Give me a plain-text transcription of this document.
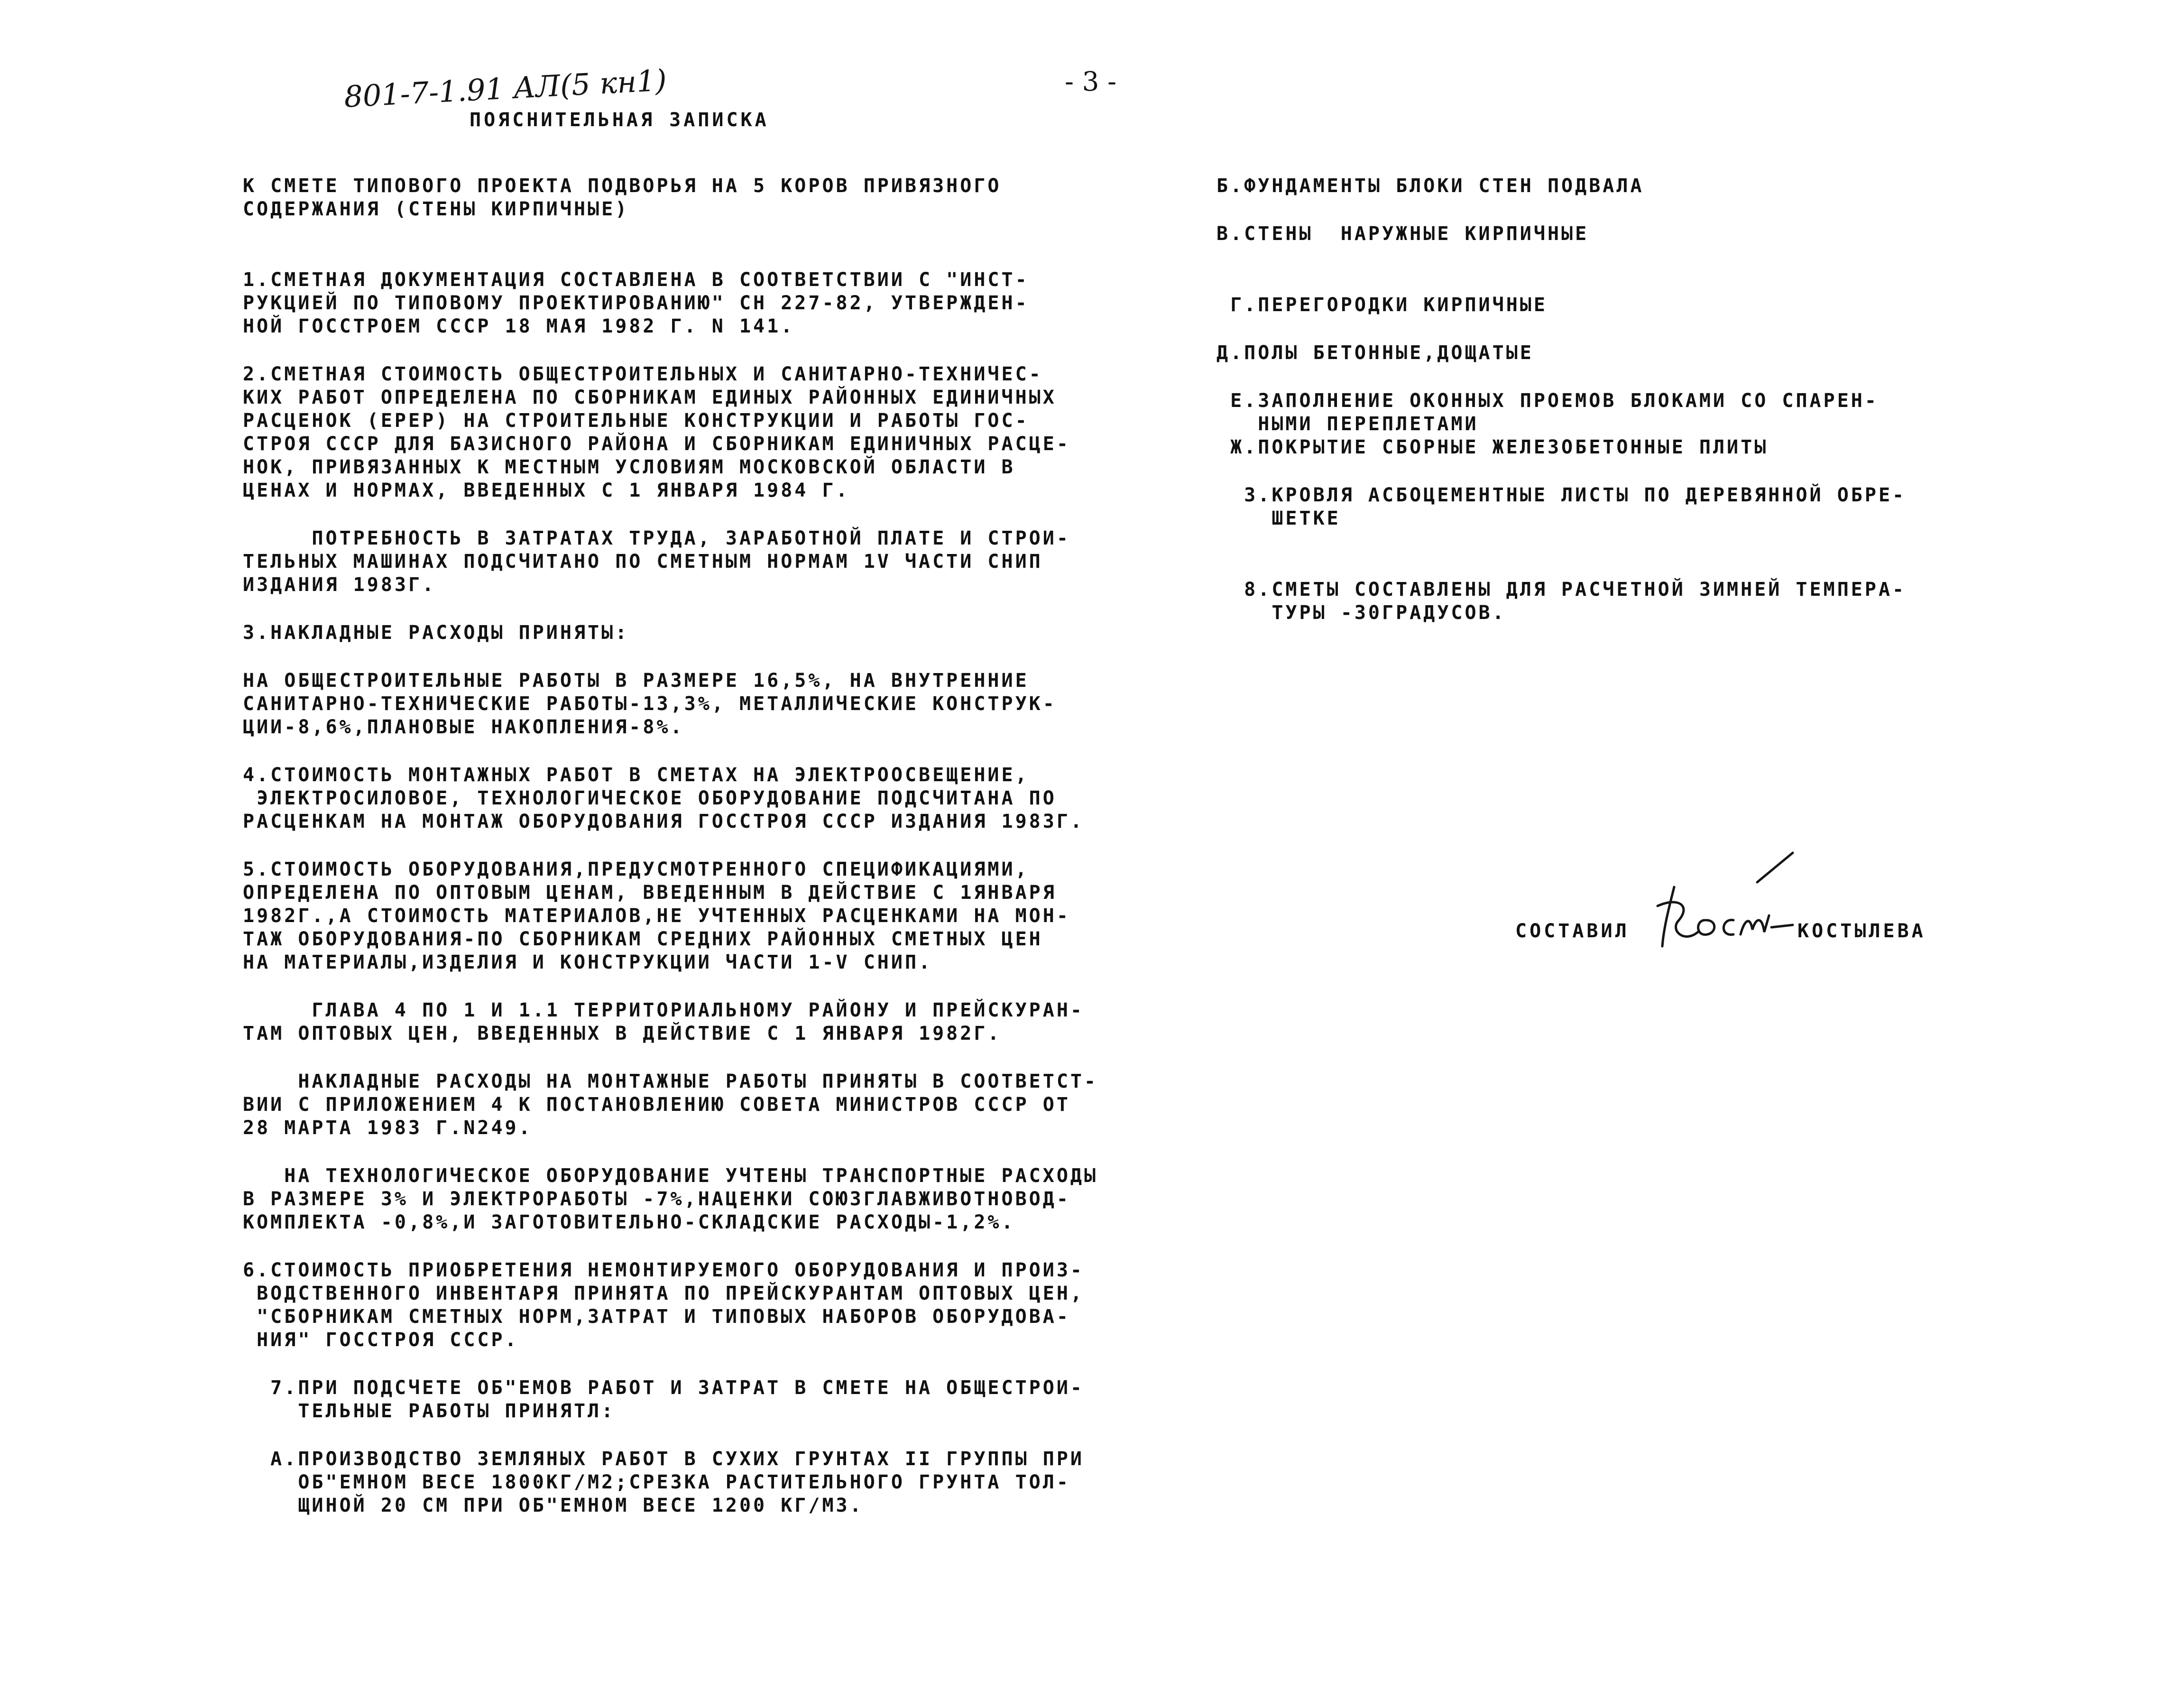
801-7-1.91 АЛ(5 кн1)	- 3 -
ПОЯСНИТЕЛЬНАЯ ЗАПИСКА
К СМЕТЕ ТИПОВОГО ПРОЕКТА ПОДВОРЬЯ НА 5 КОРОВ ПРИВЯЗНОГО
СОДЕРЖАНИЯ (СТЕНЫ КИРПИЧНЫЕ)
1.СМЕТНАЯ ДОКУМЕНТАЦИЯ СОСТАВЛЕНА В СООТВЕТСТВИИ С "ИНСТ-
РУКЦИЕЙ ПО ТИПОВОМУ ПРОЕКТИРОВАНИЮ" СН 227-82, УТВЕРЖДЕН-
НОЙ ГОССТРОЕМ СССР 18 МАЯ 1982 Г. N 141.
2.СМЕТНАЯ СТОИМОСТЬ ОБЩЕСТРОИТЕЛЬНЫХ И САНИТАРНО-ТЕХНИЧЕС-
КИХ РАБОТ ОПРЕДЕЛЕНА ПО СБОРНИКАМ ЕДИНЫХ РАЙОННЫХ ЕДИНИЧНЫХ
РАСЦЕНОК (ЕРЕР) НА СТРОИТЕЛЬНЫЕ КОНСТРУКЦИИ И РАБОТЫ ГОС-
СТРОЯ СССР ДЛЯ БАЗИСНОГО РАЙОНА И СБОРНИКАМ ЕДИНИЧНЫХ РАСЦЕ-
НОК, ПРИВЯЗАННЫХ К МЕСТНЫМ УСЛОВИЯМ МОСКОВСКОЙ ОБЛАСТИ В
ЦЕНАХ И НОРМАХ, ВВЕДЕННЫХ С 1 ЯНВАРЯ 1984 Г.
ПОТРЕБНОСТЬ В ЗАТРАТАХ ТРУДА, ЗАРАБОТНОЙ ПЛАТЕ И СТРОИ-
ТЕЛЬНЫХ МАШИНАХ ПОДСЧИТАНО ПО СМЕТНЫМ НОРМАМ 1V ЧАСТИ СНИП
ИЗДАНИЯ 1983Г.
3.НАКЛАДНЫЕ РАСХОДЫ ПРИНЯТЫ:
НА ОБЩЕСТРОИТЕЛЬНЫЕ РАБОТЫ В РАЗМЕРЕ 16,5%, НА ВНУТРЕННИЕ
САНИТАРНО-ТЕХНИЧЕСКИЕ РАБОТЫ-13,3%, МЕТАЛЛИЧЕСКИЕ КОНСТРУК-
ЦИИ-8,6%,ПЛАНОВЫЕ НАКОПЛЕНИЯ-8%.
4.СТОИМОСТЬ МОНТАЖНЫХ РАБОТ В СМЕТАХ НА ЭЛЕКТРООСВЕЩЕНИЕ,
ЭЛЕКТРОСИЛОВОЕ, ТЕХНОЛОГИЧЕСКОЕ ОБОРУДОВАНИЕ ПОДСЧИТАНА ПО
РАСЦЕНКАМ НА МОНТАЖ ОБОРУДОВАНИЯ ГОССТРОЯ СССР ИЗДАНИЯ 1983Г.
5.СТОИМОСТЬ ОБОРУДОВАНИЯ,ПРЕДУСМОТРЕННОГО СПЕЦИФИКАЦИЯМИ,
ОПРЕДЕЛЕНА ПО ОПТОВЫМ ЦЕНАМ, ВВЕДЕННЫМ В ДЕЙСТВИЕ С 1ЯНВАРЯ
1982Г.,А СТОИМОСТЬ МАТЕРИАЛОВ,НЕ УЧТЕННЫХ РАСЦЕНКАМИ НА МОН-
ТАЖ ОБОРУДОВАНИЯ-ПО СБОРНИКАМ СРЕДНИХ РАЙОННЫХ СМЕТНЫХ ЦЕН
НА МАТЕРИАЛЫ,ИЗДЕЛИЯ И КОНСТРУКЦИИ ЧАСТИ 1-V СНИП.
ГЛАВА 4 ПО 1 И 1.1 ТЕРРИТОРИАЛЬНОМУ РАЙОНУ И ПРЕЙСКУРАН-
ТАМ ОПТОВЫХ ЦЕН, ВВЕДЕННЫХ В ДЕЙСТВИЕ С 1 ЯНВАРЯ 1982Г.
НАКЛАДНЫЕ РАСХОДЫ НА МОНТАЖНЫЕ РАБОТЫ ПРИНЯТЫ В СООТВЕТСТ-
ВИИ С ПРИЛОЖЕНИЕМ 4 К ПОСТАНОВЛЕНИЮ СОВЕТА МИНИСТРОВ СССР ОТ
28 МАРТА 1983 Г.N249.
НА ТЕХНОЛОГИЧЕСКОЕ ОБОРУДОВАНИЕ УЧТЕНЫ ТРАНСПОРТНЫЕ РАСХОДЫ
В РАЗМЕРЕ 3% И ЭЛЕКТРОРАБОТЫ -7%,НАЦЕНКИ СОЮЗГЛАВЖИВОТНОВОД-
КОМПЛЕКТА -0,8%,И ЗАГОТОВИТЕЛЬНО-СКЛАДСКИЕ РАСХОДЫ-1,2%.
6.СТОИМОСТЬ ПРИОБРЕТЕНИЯ НЕМОНТИРУЕМОГО ОБОРУДОВАНИЯ И ПРОИЗ-
ВОДСТВЕННОГО ИНВЕНТАРЯ ПРИНЯТА ПО ПРЕЙСКУРАНТАМ ОПТОВЫХ ЦЕН,
"СБОРНИКАМ СМЕТНЫХ НОРМ,ЗАТРАТ И ТИПОВЫХ НАБОРОВ ОБОРУДОВА-
НИЯ" ГОССТРОЯ СССР.
7.ПРИ ПОДСЧЕТЕ ОБ"ЕМОВ РАБОТ И ЗАТРАТ В СМЕТЕ НА ОБЩЕСТРОИ-
ТЕЛЬНЫЕ РАБОТЫ ПРИНЯТЛ:
А.ПРОИЗВОДСТВО ЗЕМЛЯНЫХ РАБОТ В СУХИХ ГРУНТАХ II ГРУППЫ ПРИ
ОБ"ЕМНОМ ВЕСЕ 1800КГ/М2;СРЕЗКА РАСТИТЕЛЬНОГО ГРУНТА ТОЛ-
ЩИНОЙ 20 СМ ПРИ ОБ"ЕМНОМ ВЕСЕ 1200 КГ/М3.
Б.ФУНДАМЕНТЫ БЛОКИ СТЕН ПОДВАЛА
В.СТЕНЫ  НАРУЖНЫЕ КИРПИЧНЫЕ
Г.ПЕРЕГОРОДКИ КИРПИЧНЫЕ
Д.ПОЛЫ БЕТОННЫЕ,ДОЩАТЫЕ
Е.ЗАПОЛНЕНИЕ ОКОННЫХ ПРОЕМОВ БЛОКАМИ СО СПАРЕН-
НЫМИ ПЕРЕПЛЕТАМИ
Ж.ПОКРЫТИЕ СБОРНЫЕ ЖЕЛЕЗОБЕТОННЫЕ ПЛИТЫ
З.КРОВЛЯ АСБОЦЕМЕНТНЫЕ ЛИСТЫ ПО ДЕРЕВЯННОЙ ОБРЕ-
ШЕТКЕ
8.СМЕТЫ СОСТАВЛЕНЫ ДЛЯ РАСЧЕТНОЙ ЗИМНЕЙ ТЕМПЕРА-
ТУРЫ -30ГРАДУСОВ.
СОСТАВИЛ	КОСТЫЛЕВА
